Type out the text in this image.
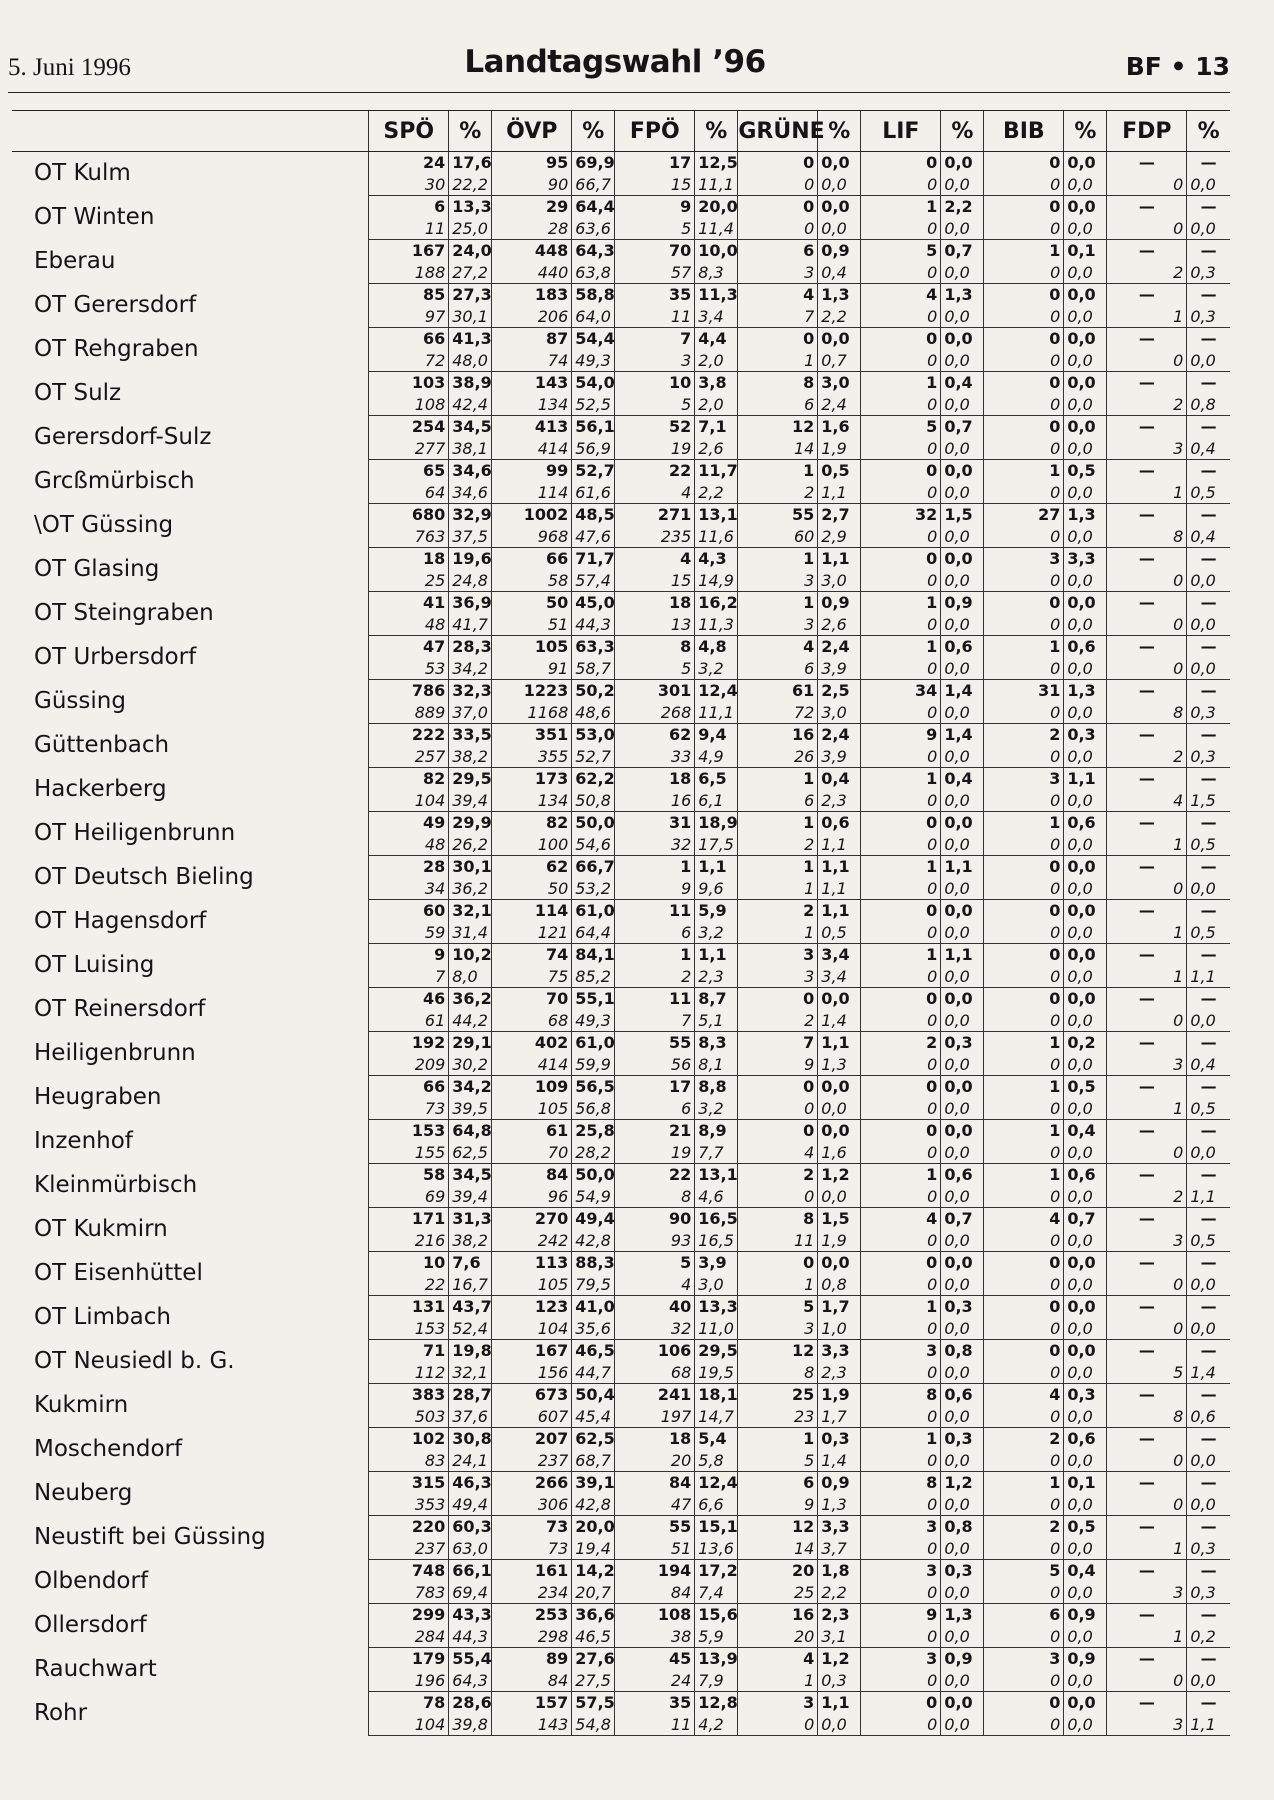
5. Juni 1996	Landtagswahl ’96	BF • 13
	SPÖ	%	ÖVP	%	FPÖ	%	GRÜNE	%	LIF	%	BIB	%	FDP	%
OT Kulm	24	17,6	95	69,9	17	12,5	0	0,0	0	0,0	0	0,0	—	—
	30	22,2	90	66,7	15	11,1	0	0,0	0	0,0	0	0,0	0	0,0
OT Winten	6	13,3	29	64,4	9	20,0	0	0,0	1	2,2	0	0,0	—	—
	11	25,0	28	63,6	5	11,4	0	0,0	0	0,0	0	0,0	0	0,0
Eberau	167	24,0	448	64,3	70	10,0	6	0,9	5	0,7	1	0,1	—	—
	188	27,2	440	63,8	57	8,3	3	0,4	0	0,0	0	0,0	2	0,3
OT Gerersdorf	85	27,3	183	58,8	35	11,3	4	1,3	4	1,3	0	0,0	—	—
	97	30,1	206	64,0	11	3,4	7	2,2	0	0,0	0	0,0	1	0,3
OT Rehgraben	66	41,3	87	54,4	7	4,4	0	0,0	0	0,0	0	0,0	—	—
	72	48,0	74	49,3	3	2,0	1	0,7	0	0,0	0	0,0	0	0,0
OT Sulz	103	38,9	143	54,0	10	3,8	8	3,0	1	0,4	0	0,0	—	—
	108	42,4	134	52,5	5	2,0	6	2,4	0	0,0	0	0,0	2	0,8
Gerersdorf-Sulz	254	34,5	413	56,1	52	7,1	12	1,6	5	0,7	0	0,0	—	—
	277	38,1	414	56,9	19	2,6	14	1,9	0	0,0	0	0,0	3	0,4
Grcßmürbisch	65	34,6	99	52,7	22	11,7	1	0,5	0	0,0	1	0,5	—	—
	64	34,6	114	61,6	4	2,2	2	1,1	0	0,0	0	0,0	1	0,5
\OT Güssing	680	32,9	1002	48,5	271	13,1	55	2,7	32	1,5	27	1,3	—	—
	763	37,5	968	47,6	235	11,6	60	2,9	0	0,0	0	0,0	8	0,4
OT Glasing	18	19,6	66	71,7	4	4,3	1	1,1	0	0,0	3	3,3	—	—
	25	24,8	58	57,4	15	14,9	3	3,0	0	0,0	0	0,0	0	0,0
OT Steingraben	41	36,9	50	45,0	18	16,2	1	0,9	1	0,9	0	0,0	—	—
	48	41,7	51	44,3	13	11,3	3	2,6	0	0,0	0	0,0	0	0,0
OT Urbersdorf	47	28,3	105	63,3	8	4,8	4	2,4	1	0,6	1	0,6	—	—
	53	34,2	91	58,7	5	3,2	6	3,9	0	0,0	0	0,0	0	0,0
Güssing	786	32,3	1223	50,2	301	12,4	61	2,5	34	1,4	31	1,3	—	—
	889	37,0	1168	48,6	268	11,1	72	3,0	0	0,0	0	0,0	8	0,3
Güttenbach	222	33,5	351	53,0	62	9,4	16	2,4	9	1,4	2	0,3	—	—
	257	38,2	355	52,7	33	4,9	26	3,9	0	0,0	0	0,0	2	0,3
Hackerberg	82	29,5	173	62,2	18	6,5	1	0,4	1	0,4	3	1,1	—	—
	104	39,4	134	50,8	16	6,1	6	2,3	0	0,0	0	0,0	4	1,5
OT Heiligenbrunn	49	29,9	82	50,0	31	18,9	1	0,6	0	0,0	1	0,6	—	—
	48	26,2	100	54,6	32	17,5	2	1,1	0	0,0	0	0,0	1	0,5
OT Deutsch Bieling	28	30,1	62	66,7	1	1,1	1	1,1	1	1,1	0	0,0	—	—
	34	36,2	50	53,2	9	9,6	1	1,1	0	0,0	0	0,0	0	0,0
OT Hagensdorf	60	32,1	114	61,0	11	5,9	2	1,1	0	0,0	0	0,0	—	—
	59	31,4	121	64,4	6	3,2	1	0,5	0	0,0	0	0,0	1	0,5
OT Luising	9	10,2	74	84,1	1	1,1	3	3,4	1	1,1	0	0,0	—	—
	7	8,0	75	85,2	2	2,3	3	3,4	0	0,0	0	0,0	1	1,1
OT Reinersdorf	46	36,2	70	55,1	11	8,7	0	0,0	0	0,0	0	0,0	—	—
	61	44,2	68	49,3	7	5,1	2	1,4	0	0,0	0	0,0	0	0,0
Heiligenbrunn	192	29,1	402	61,0	55	8,3	7	1,1	2	0,3	1	0,2	—	—
	209	30,2	414	59,9	56	8,1	9	1,3	0	0,0	0	0,0	3	0,4
Heugraben	66	34,2	109	56,5	17	8,8	0	0,0	0	0,0	1	0,5	—	—
	73	39,5	105	56,8	6	3,2	0	0,0	0	0,0	0	0,0	1	0,5
Inzenhof	153	64,8	61	25,8	21	8,9	0	0,0	0	0,0	1	0,4	—	—
	155	62,5	70	28,2	19	7,7	4	1,6	0	0,0	0	0,0	0	0,0
Kleinmürbisch	58	34,5	84	50,0	22	13,1	2	1,2	1	0,6	1	0,6	—	—
	69	39,4	96	54,9	8	4,6	0	0,0	0	0,0	0	0,0	2	1,1
OT Kukmirn	171	31,3	270	49,4	90	16,5	8	1,5	4	0,7	4	0,7	—	—
	216	38,2	242	42,8	93	16,5	11	1,9	0	0,0	0	0,0	3	0,5
OT Eisenhüttel	10	7,6	113	88,3	5	3,9	0	0,0	0	0,0	0	0,0	—	—
	22	16,7	105	79,5	4	3,0	1	0,8	0	0,0	0	0,0	0	0,0
OT Limbach	131	43,7	123	41,0	40	13,3	5	1,7	1	0,3	0	0,0	—	—
	153	52,4	104	35,6	32	11,0	3	1,0	0	0,0	0	0,0	0	0,0
OT Neusiedl b. G.	71	19,8	167	46,5	106	29,5	12	3,3	3	0,8	0	0,0	—	—
	112	32,1	156	44,7	68	19,5	8	2,3	0	0,0	0	0,0	5	1,4
Kukmirn	383	28,7	673	50,4	241	18,1	25	1,9	8	0,6	4	0,3	—	—
	503	37,6	607	45,4	197	14,7	23	1,7	0	0,0	0	0,0	8	0,6
Moschendorf	102	30,8	207	62,5	18	5,4	1	0,3	1	0,3	2	0,6	—	—
	83	24,1	237	68,7	20	5,8	5	1,4	0	0,0	0	0,0	0	0,0
Neuberg	315	46,3	266	39,1	84	12,4	6	0,9	8	1,2	1	0,1	—	—
	353	49,4	306	42,8	47	6,6	9	1,3	0	0,0	0	0,0	0	0,0
Neustift bei Güssing	220	60,3	73	20,0	55	15,1	12	3,3	3	0,8	2	0,5	—	—
	237	63,0	73	19,4	51	13,6	14	3,7	0	0,0	0	0,0	1	0,3
Olbendorf	748	66,1	161	14,2	194	17,2	20	1,8	3	0,3	5	0,4	—	—
	783	69,4	234	20,7	84	7,4	25	2,2	0	0,0	0	0,0	3	0,3
Ollersdorf	299	43,3	253	36,6	108	15,6	16	2,3	9	1,3	6	0,9	—	—
	284	44,3	298	46,5	38	5,9	20	3,1	0	0,0	0	0,0	1	0,2
Rauchwart	179	55,4	89	27,6	45	13,9	4	1,2	3	0,9	3	0,9	—	—
	196	64,3	84	27,5	24	7,9	1	0,3	0	0,0	0	0,0	0	0,0
Rohr	78	28,6	157	57,5	35	12,8	3	1,1	0	0,0	0	0,0	—	—
	104	39,8	143	54,8	11	4,2	0	0,0	0	0,0	0	0,0	3	1,1
